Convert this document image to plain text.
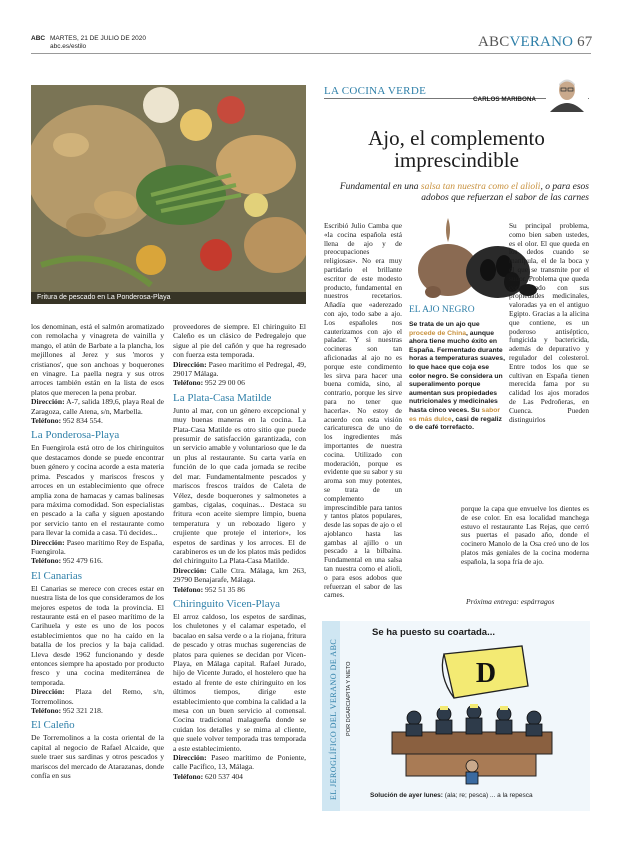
ABC MARTES, 21 DE JULIO DE 2020
abc.es/estilo	ABCVERANO 67
Fritura de pescado en La Ponderosa-Playa

los denominan, está el salmón aromatizado con remolacha y vinagreta de vainilla y mango, el atún de Barbate a la plancha, los mejillones al Jerez y sus 'moros y cristianos', que son anchoas y boquerones en vinagre. La paella negra y sus otros arroces también están en la lista de esos platos que merecen la pena probar.

Dirección: A-7, salida 189,6, playa Real de Zaragoza, calle Atena, s/n, Marbella.

Teléfono: 952 834 554.

La Ponderosa-Playa

En Fuengirola está otro de los chiringuitos que destacamos donde se puede encontrar buen género y cocina acorde a esta materia prima. Pescados y mariscos frescos y arroces en un establecimiento que ofrece amplia zona de hamacas y camas balinesas para máxima comodidad. Son especialistas en pescado a la caña y siguen apostando por servicio tanto en el restaurante como para llevar la comida a casa. Tú decides...

Dirección: Paseo marítimo Rey de España, Fuengirola.

Teléfono: 952 479 616.

El Canarias

El Canarias se merece con creces estar en nuestra lista de los que consideramos de los mejores espetos de toda la provincia. El restaurante está en el paseo marítimo de la Carihuela y este es uno de los pocos establecimientos que no ha caído en la batalla de los precios y la baja calidad. Lleva desde 1962 funcionando y desde entonces siempre ha apostado por producto fresco y una cocina mediterránea de temporada.

Dirección: Plaza del Remo, s/n, Torremolinos.

Teléfono: 952 321 218.

El Caleño

De Torremolinos a la costa oriental de la capital al negocio de Rafael Alcaide, que suele traer sus sardinas y otros pescados y mariscos del mercado de Atarazanas, donde confía en sus

proveedores de siempre. El chiringuito El Caleño es un clásico de Pedregalejo que sigue al pie del cañón y que ha regresado con fuerza esta temporada.

Dirección: Paseo marítimo el Pedregal, 49, 29017 Málaga.

Teléfono: 952 29 00 06

La Plata-Casa Matilde

Junto al mar, con un género excepcional y muy buenas maneras en la cocina. La Plata-Casa Matilde es otro sitio que puede presumir de satisfacción garantizada, con un servicio amable y voluntarioso que le da un plus al restaurante. Su carta varía en función de lo que cada jornada se recibe del mar. Fundamentalmente pescados y mariscos frescos traídos de Caleta de Vélez, desde boquerones y salmonetes a gambas, cigalas, coquinas... Destaca su fritura «con aceite siempre limpio, buena temperatura y un rebozado ligero y crujiente que proteje el interior», los espetos de sardinas y los arroces. El de carabineros es un de los platos más pedidos del chiringuito La Plata-Casa Matilde.

Dirección: Calle Ctra. Málaga, km 263, 29790 Benajarafe, Málaga.

Teléfono: 952 51 35 86

Chiringuito Vicen-Playa

El arroz caldoso, los espetos de sardinas, los chuletones y el calamar espetado, el bacalao en salsa verde o a la riojana, fritura de pescado y otras muchas sugerencias de platos para quienes se decidan por Vicen-Playa, en Málaga capital. Rafael Jurado, hijo de Vicente Jurado, el hostelero que ha estado al frente de este chiringuito en los últimos tiempos, dirige este establecimiento que combina la calidad a la mesa con un buen servicio al comensal. Cocina tradicional malagueña donde se cuidan los detalles y se mima al cliente, que suele volver temporada tras temporada a este establecimiento.

Dirección: Paseo marítimo de Poniente, calle Pacífico, 13, Málaga.

Teléfono: 620 537 404

LA COCINA VERDE
CARLOS MARIBONA
Ajo, el complemento imprescindible
Fundamental en una salsa tan nuestra como el alioli, o para esos adobos que refuerzan el sabor de las carnes

Escribió Julio Camba que «la cocina española está llena de ajo y de preocupaciones religiosas». No era muy partidario el brillante escritor de este modesto producto, fundamental en nuestros recetarios. Añadía que «aderezado con ajo, todo sabe a ajo. Los españoles nos cauterizamos con ajo el paladar. Y si nuestras cocineras son tan aficionadas al ajo no es porque este condimento les sirva para hacer una buena comida, sino, al contrario, porque les sirve para no tener que hacerla». No estoy de acuerdo con esta visión caricaturesca de uno de los ingredientes más importantes de nuestra cocina. Utilizado con moderación, porque es evidente que su sabor y su aroma son muy potentes, se trata de un complemento imprescindible para tantos y tantos platos populares, desde las sopas de ajo o el ajoblanco hasta las gambas al ajillo o un pescado a la bilbaína. Fundamental en una salsa tan nuestra como el alioli, o para esos adobos que refuerzan el sabor de las carnes.

Su principal problema, como bien saben ustedes, es el olor. El que queda en los dedos cuando se manipula, el de la boca y el que se transmite por el sudor. Problema que queda compensado con sus propiedades medicinales, valoradas ya en el antiguo Egipto. Gracias a la alicina que contiene, es un poderoso antiséptico, fungicida y bactericida, además de depurativo y regulador del colesterol. Entre todos los que se cultivan en España tienen merecida fama por su calidad los ajos morados de Las Pedroñeras, en Cuenca. Pueden distinguirlos

EL AJO NEGRO
Se trata de un ajo que procede de China, aunque ahora tiene mucho éxito en España. Fermentado durante horas a temperaturas suaves, lo que hace que coja ese color negro. Se considera un superalimento porque aumentan sus propiedades nutricionales y medicinales hasta cinco veces. Su sabor es más dulce, casi de regaliz o de café torrefacto.

porque la capa que envuelve los dientes es de ese color. En esa localidad manchega estuvo el restaurante Las Rejas, que cerró sus puertas el pasado año, donde el cocinero Manolo de la Osa creó uno de los platos más geniales de la cocina moderna española, la sopa fría de ajo.

Próxima entrega: espárragos
EL JEROGLÍFICO DEL VERANO DE ABC POR DGARCIAPITA Y NIETO
Se ha puesto su coartada...
D
Solución de ayer lunes: (ala; re; pesca) ... a la repesca
